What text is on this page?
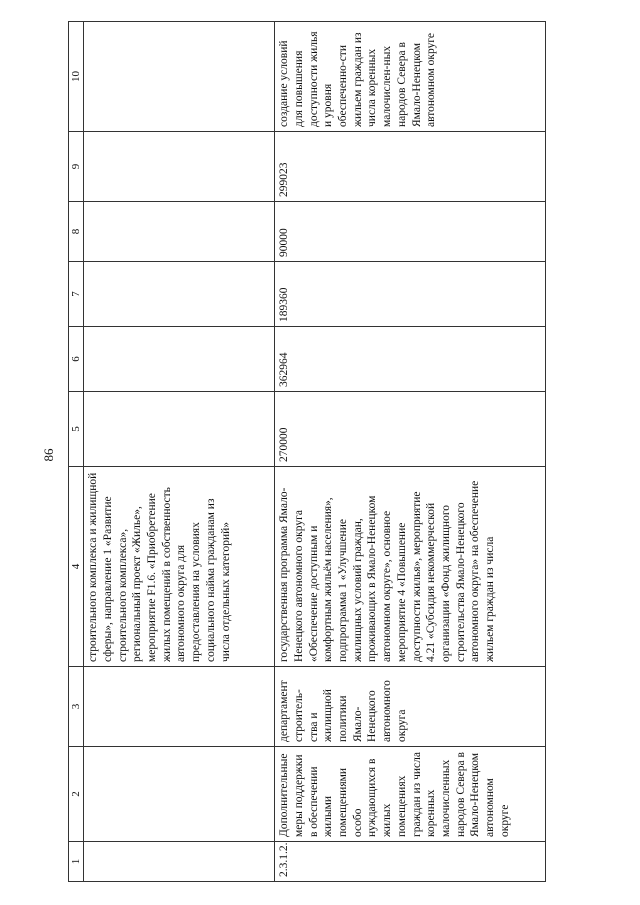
86
1	2	3	4	5	6	7	8	9	10
			строительного комплекса и жилищной сферы», направление 1 «Развитие строительного комплекса», региональный проект «Жилье», мероприятие F1.6. «Приобретение жилых помещений в собственность автономного округа для предоставления на условиях социального найма гражданам из числа отдельных категорий»						
2.3.1.2.	Дополнительные меры поддержки в обеспечении жилыми помещениями особо нуждающихся в жилых помещениях граждан из числа коренных малочисленных народов Севера в Ямало-Ненецком автономном округе	департамент строитель-ства и жилищной политики Ямало-Ненецкого автономного округа	государственная программа Ямало-Ненецкого автономного округа «Обеспечение доступным и комфортным жильём населения», подпрограмма 1 «Улучшение жилищных условий граждан, проживающих в Ямало-Ненецком автономном округе», основное мероприятие 4 «Повышение доступности жилья», мероприятие 4.21 «Субсидия некоммерческой организации «Фонд жилищного строительства Ямало-Ненецкого автономного округа» на обеспечение жильем граждан из числа	270000	362964	189360	90000	299023	создание условий для повышения доступности жилья и уровня обеспеченно-сти жильем граждан из числа коренных малочислен-ных народов Севера в Ямало-Ненецком автономном округе
